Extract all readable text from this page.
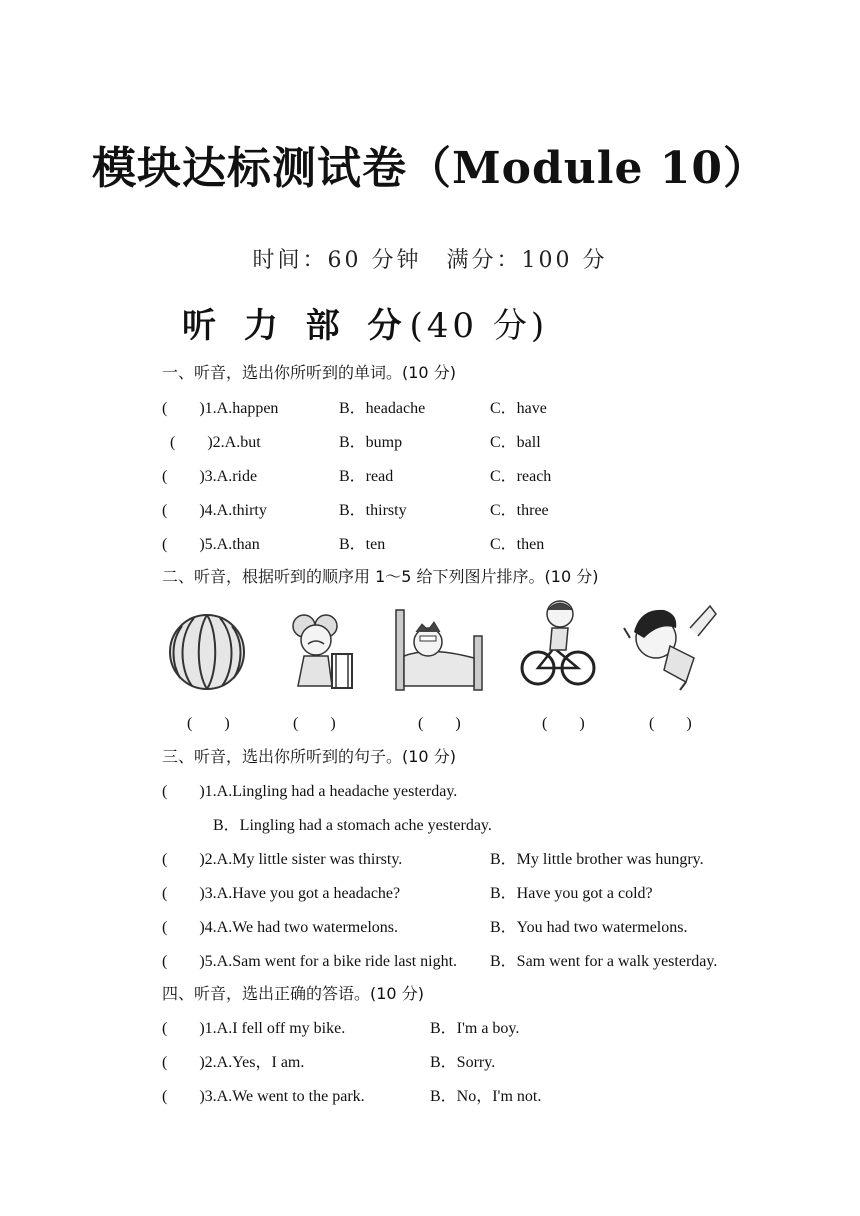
模块达标测试卷（Module 10）
时间：60 分钟　满分：100 分
听 力 部 分(40 分)
一、听音，选出你所听到的单词。(10 分)
(　　)1.A.happen	B．headache	C．have
(　　)2.A.but	B．bump	C．ball
(　　)3.A.ride	B．read	C．reach
(　　)4.A.thirty	B．thirsty	C．three
(　　)5.A.than	B．ten	C．then
二、听音，根据听到的顺序用 1～5 给下列图片排序。(10 分)
(　　)	(　　)	(　　)	(　　)	(　　)
三、听音，选出你所听到的句子。(10 分)
(　　)1.A.Lingling had a headache yesterday.
B．Lingling had a stomach ache yesterday.
(　　)2.A.My little sister was thirsty.	B．My little brother was hungry.
(　　)3.A.Have you got a headache?	B．Have you got a cold?
(　　)4.A.We had two watermelons.	B．You had two watermelons.
(　　)5.A.Sam went for a bike ride last night. B．Sam went for a walk yesterday.
四、听音，选出正确的答语。(10 分)
(　　)1.A.I fell off my bike.	B．I'm a boy.
(　　)2.A.Yes，I am.	B．Sorry.
(　　)3.A.We went to the park.	B．No，I'm not.
